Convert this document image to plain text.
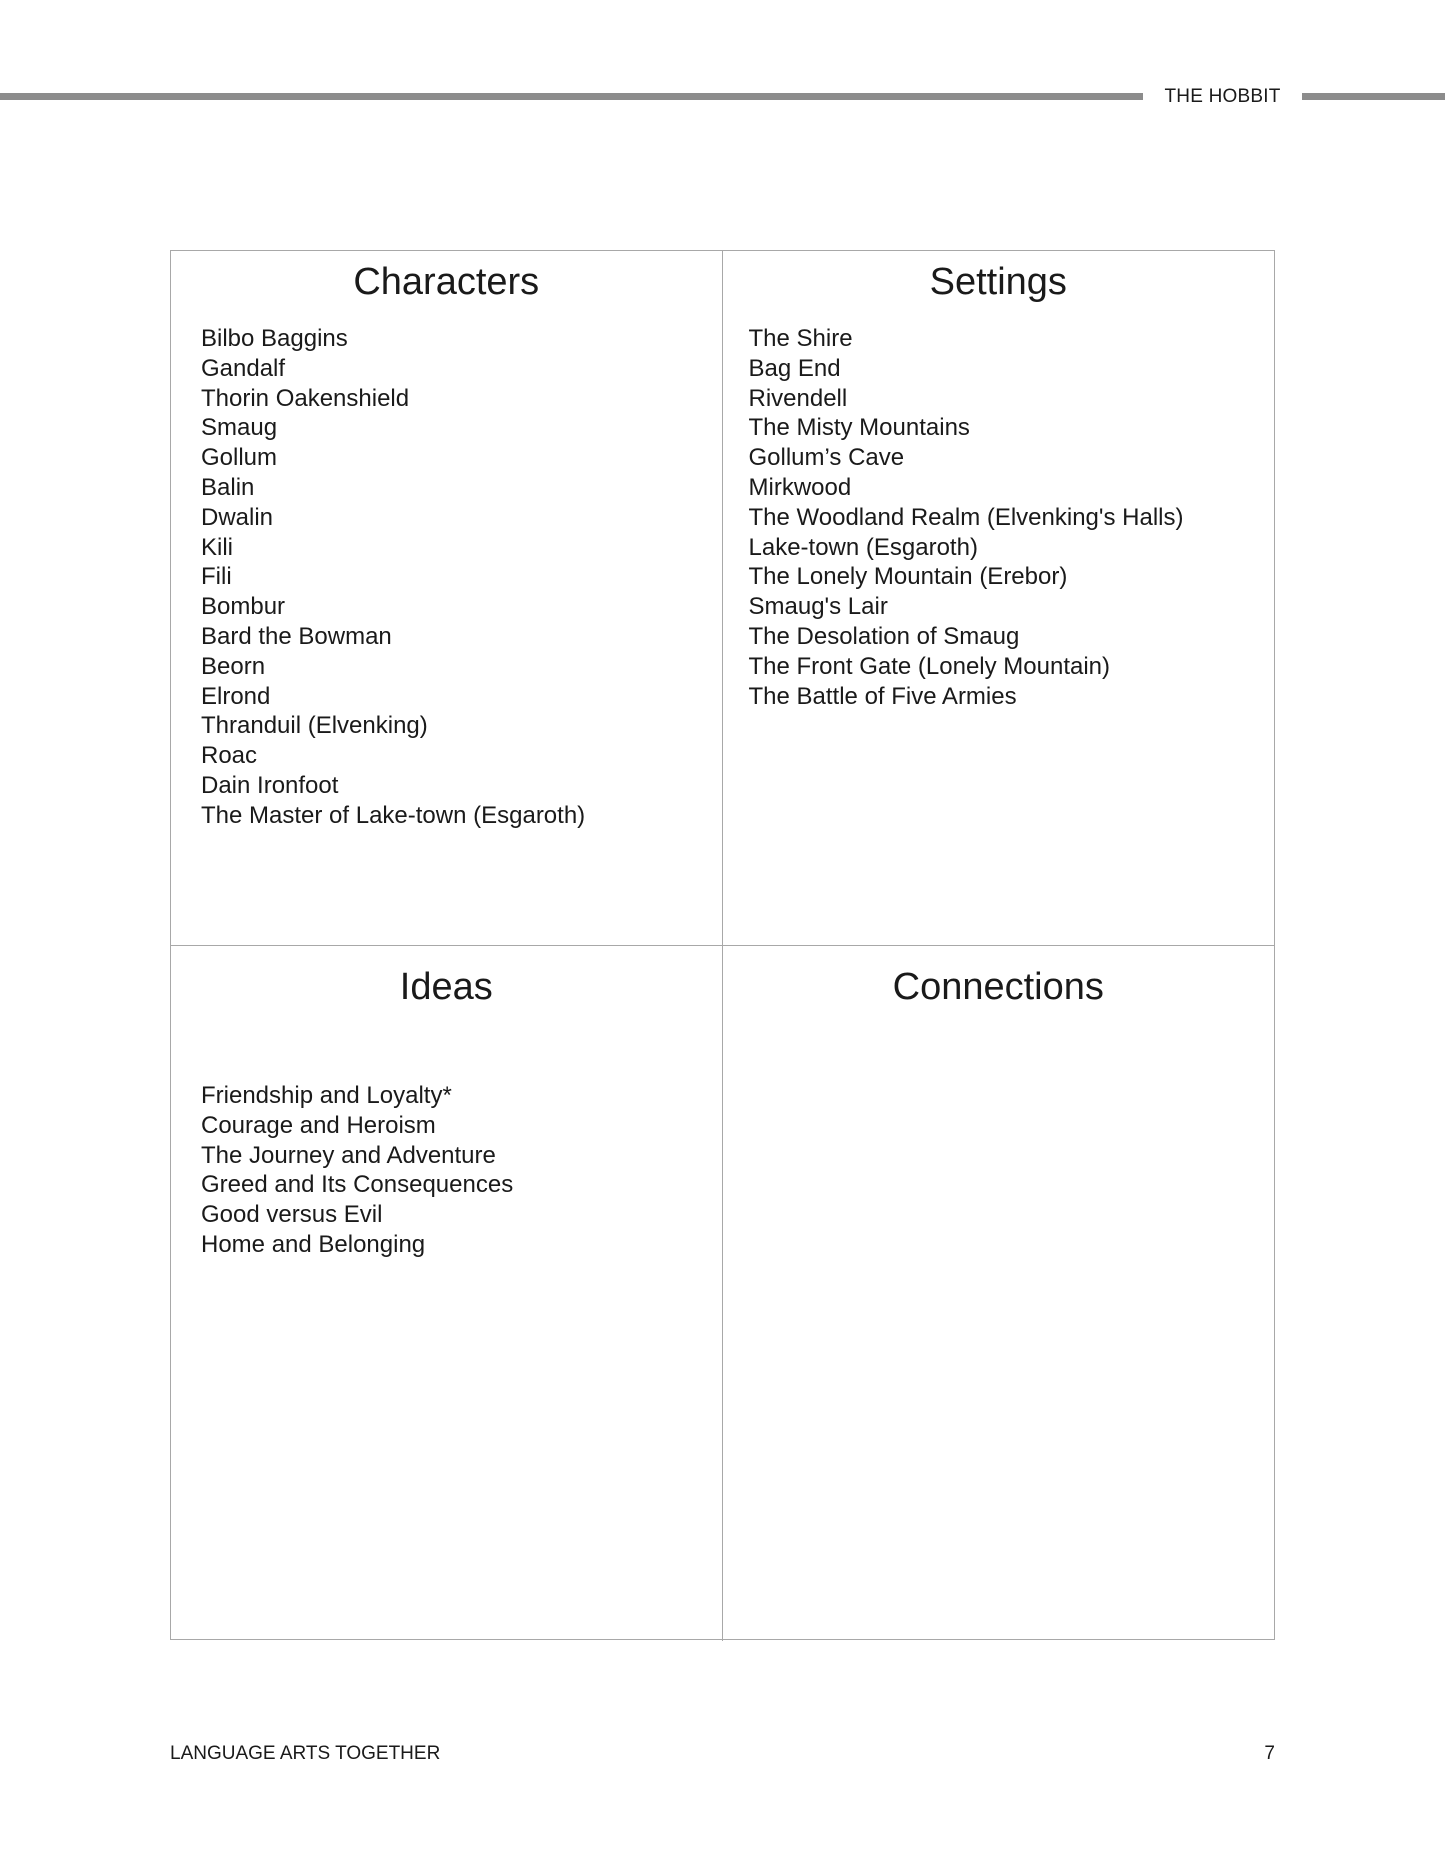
THE HOBBIT
Characters
Bilbo Baggins
Gandalf
Thorin Oakenshield
Smaug
Gollum
Balin
Dwalin
Kili
Fili
Bombur
Bard the Bowman
Beorn
Elrond
Thranduil (Elvenking)
Roac
Dain Ironfoot
The Master of Lake-town (Esgaroth)
Settings
The Shire
Bag End
Rivendell
The Misty Mountains
Gollum’s Cave
Mirkwood
The Woodland Realm (Elvenking's Halls)
Lake-town (Esgaroth)
The Lonely Mountain (Erebor)
Smaug's Lair
The Desolation of Smaug
The Front Gate (Lonely Mountain)
The Battle of Five Armies
Ideas
Friendship and Loyalty*
Courage and Heroism
The Journey and Adventure
Greed and Its Consequences
Good versus Evil
Home and Belonging
Connections
LANGUAGE ARTS TOGETHER	7
